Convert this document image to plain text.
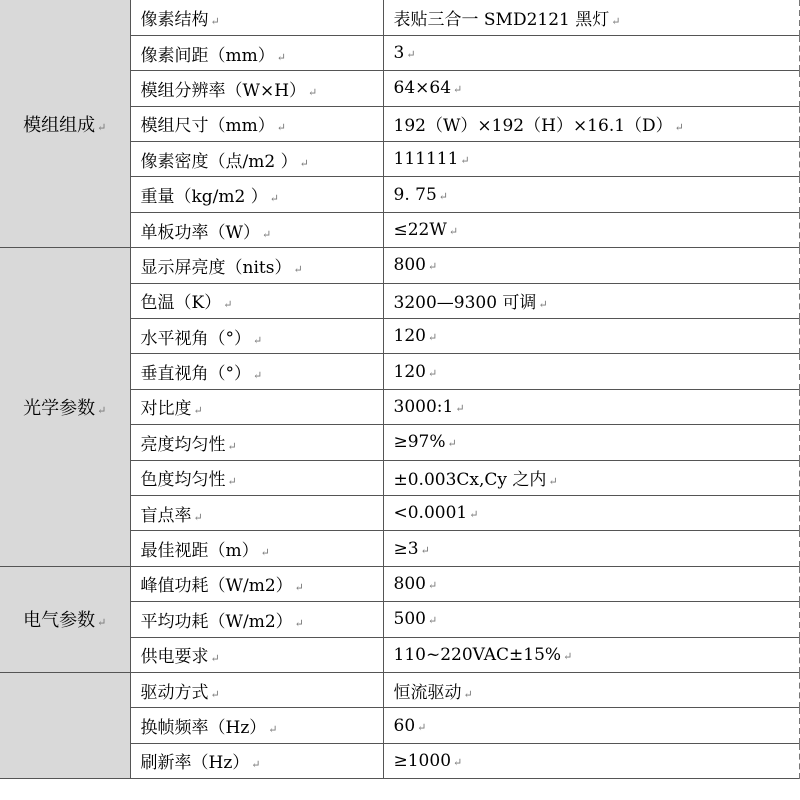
模组组成 ↵	像素结构 ↵	表贴三合一 SMD2121 黑灯 ↵
	像素间距（mm） ↵	3 ↵
	模组分辨率（W×H） ↵	64×64 ↵
	模组尺寸（mm） ↵	192（W）×192（H）×16.1（D） ↵
	像素密度（点/m2 ） ↵	111111 ↵
	重量（kg/m2 ） ↵	9. 75 ↵
	单板功率（W） ↵	≤22W ↵
光学参数 ↵	显示屏亮度（nits） ↵	800 ↵
	色温（K） ↵	3200—9300 可调 ↵
	水平视角（°） ↵	120 ↵
	垂直视角（°） ↵	120 ↵
	对比度 ↵	3000:1 ↵
	亮度均匀性 ↵	≥97% ↵
	色度均匀性 ↵	±0.003Cx,Cy 之内 ↵
	盲点率 ↵	<0.0001 ↵
	最佳视距（m） ↵	≥3 ↵
电气参数 ↵	峰值功耗（W/m2） ↵	800 ↵
	平均功耗（W/m2） ↵	500 ↵
	供电要求 ↵	110~220VAC±15% ↵
	驱动方式 ↵	恒流驱动 ↵
	换帧频率（Hz） ↵	60 ↵
	刷新率（Hz） ↵	≥1000 ↵
